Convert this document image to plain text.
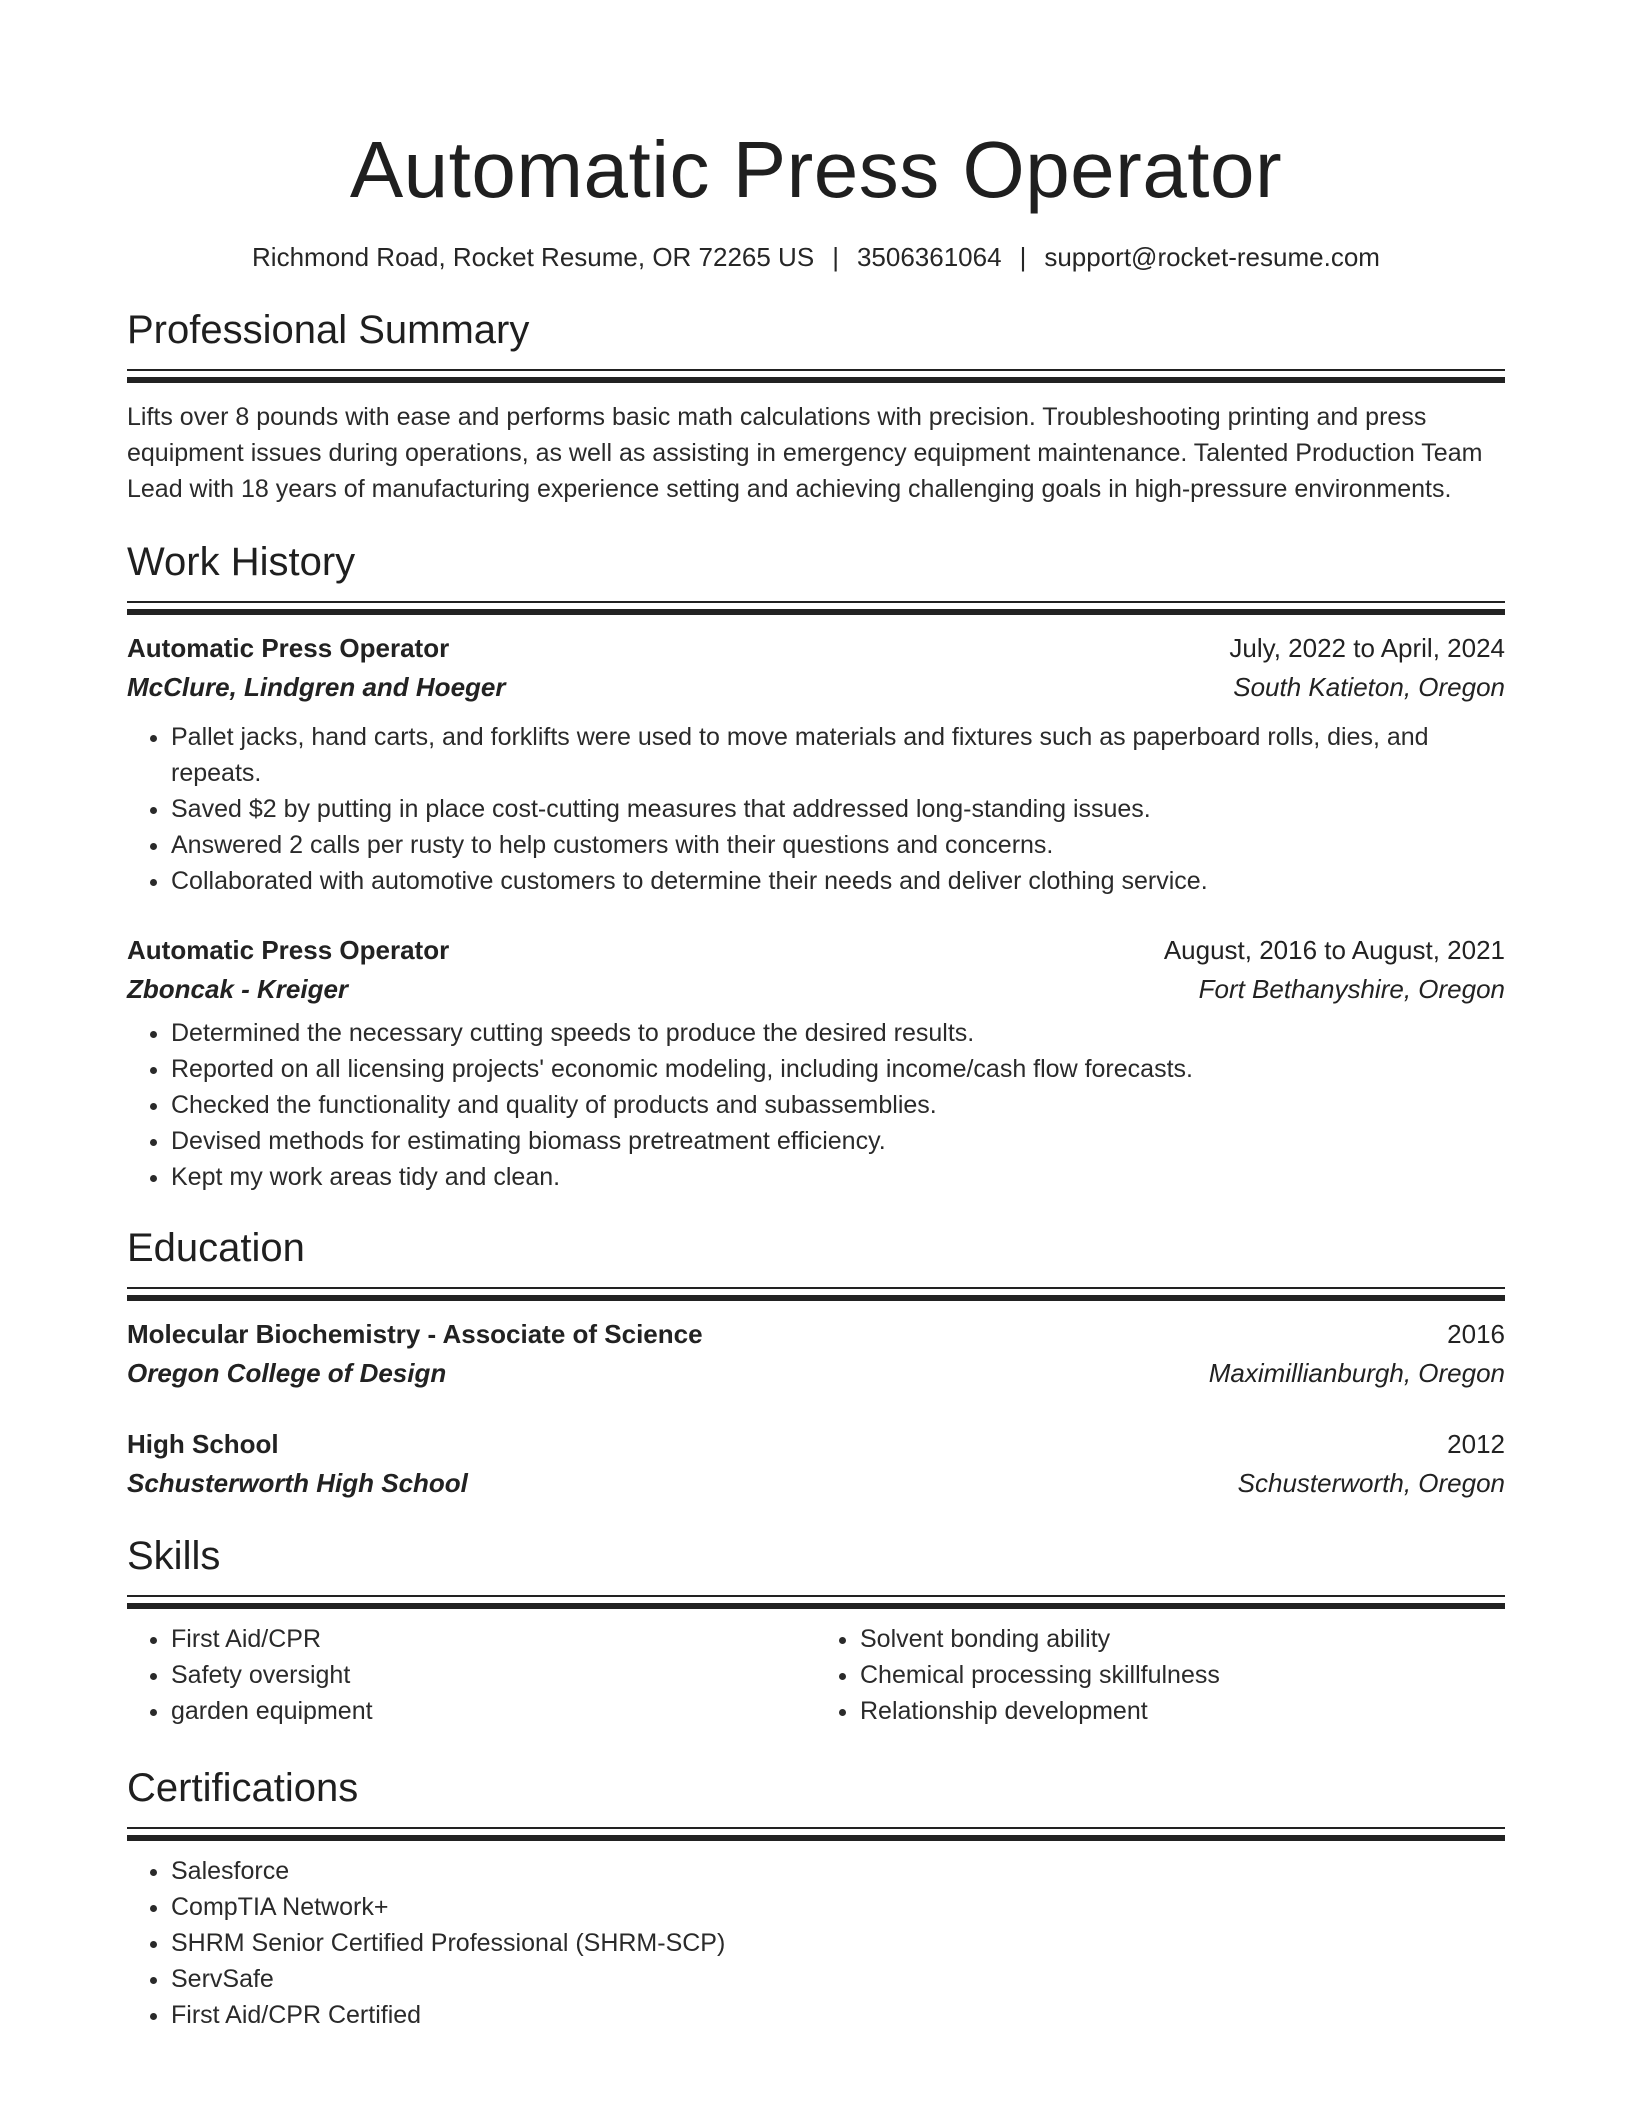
Automatic Press Operator
Richmond Road, Rocket Resume, OR 72265 US | 3506361064 | support@rocket-resume.com
Professional Summary

Lifts over 8 pounds with ease and performs basic math calculations with precision. Troubleshooting printing and press equipment issues during operations, as well as assisting in emergency equipment maintenance. Talented Production Team Lead with 18 years of manufacturing experience setting and achieving challenging goals in high-pressure environments.

Work History
Automatic Press Operator	July, 2022 to April, 2024
McClure, Lindgren and Hoeger	South Katieton, Oregon
• Pallet jacks, hand carts, and forklifts were used to move materials and fixtures such as paperboard rolls, dies, and repeats.
• Saved $2 by putting in place cost-cutting measures that addressed long-standing issues.
• Answered 2 calls per rusty to help customers with their questions and concerns.
• Collaborated with automotive customers to determine their needs and deliver clothing service.
Automatic Press Operator	August, 2016 to August, 2021
Zboncak - Kreiger	Fort Bethanyshire, Oregon
• Determined the necessary cutting speeds to produce the desired results.
• Reported on all licensing projects' economic modeling, including income/cash flow forecasts.
• Checked the functionality and quality of products and subassemblies.
• Devised methods for estimating biomass pretreatment efficiency.
• Kept my work areas tidy and clean.
Education
Molecular Biochemistry - Associate of Science	2016
Oregon College of Design	Maximillianburgh, Oregon
High School	2012
Schusterworth High School	Schusterworth, Oregon
Skills
• First Aid/CPR
• Safety oversight
• garden equipment
• Solvent bonding ability
• Chemical processing skillfulness
• Relationship development
Certifications
• Salesforce
• CompTIA Network+
• SHRM Senior Certified Professional (SHRM-SCP)
• ServSafe
• First Aid/CPR Certified
